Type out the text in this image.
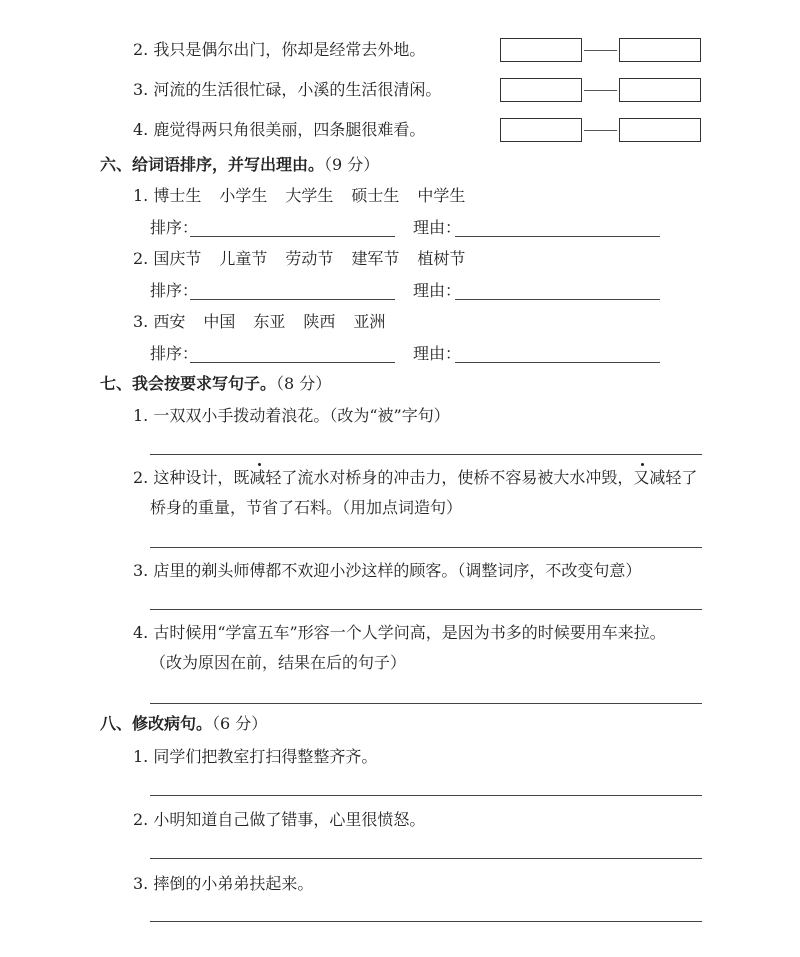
2. 我只是偶尔出门，你却是经常去外地。
3. 河流的生活很忙碌，小溪的生活很清闲。
4. 鹿觉得两只角很美丽，四条腿很难看。
六、给词语排序，并写出理由。（9 分）
1. 博士生 小学生 大学生 硕士生 中学生
排序：	理由：
2. 国庆节 儿童节 劳动节 建军节 植树节
排序：	理由：
3. 西安 中国 东亚 陕西 亚洲
排序：	理由：
七、我会按要求写句子。（8 分）
1. 一双双小手拨动着浪花。（改为“被”字句）
2. 这种设计，既减轻了流水对桥身的冲击力，使桥不容易被大水冲毁，又减轻了
桥身的重量，节省了石料。（用加点词造句）
3. 店里的剃头师傅都不欢迎小沙这样的顾客。（调整词序，不改变句意）
4. 古时候用“学富五车”形容一个人学问高，是因为书多的时候要用车来拉。
（改为原因在前，结果在后的句子）
八、修改病句。（6 分）
1. 同学们把教室打扫得整整齐齐。
2. 小明知道自己做了错事，心里很愤怒。
3. 摔倒的小弟弟扶起来。
